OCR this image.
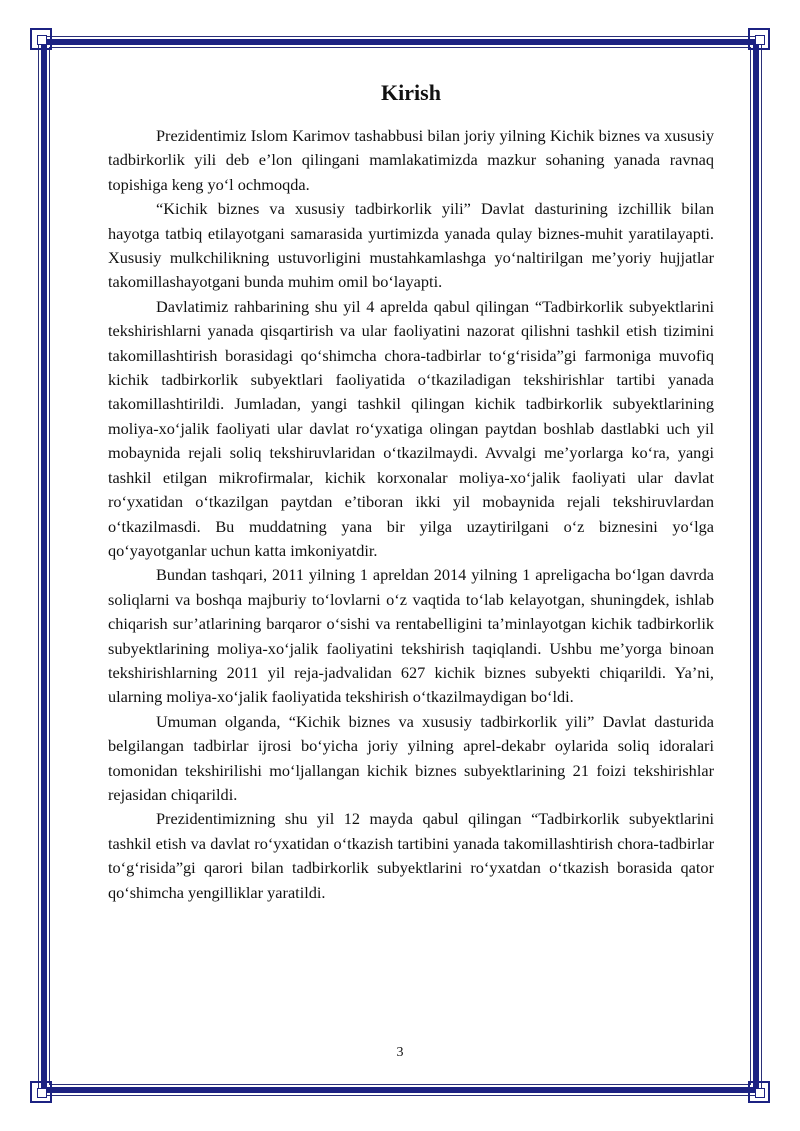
Kirish

Prezidentimiz Islom Karimov tashabbusi bilan joriy yilning Kichik biznes va xususiy tadbirkorlik yili deb e’lon qilingani mamlakatimizda mazkur sohaning yanada ravnaq topishiga keng yo‘l ochmoqda.

“Kichik biznes va xususiy tadbirkorlik yili” Davlat dasturining izchillik bilan hayotga tatbiq etilayotgani samarasida yurtimizda yanada qulay biznes-muhit yaratilayapti. Xususiy mulkchilikning ustuvorligini mustahkamlashga yo‘naltirilgan me’yoriy hujjatlar takomillashayotgani bunda muhim omil bo‘layapti.

Davlatimiz rahbarining shu yil 4 aprelda qabul qilingan “Tadbirkorlik subyektlarini tekshirishlarni yanada qisqartirish va ular faoliyatini nazorat qilishni tashkil etish tizimini takomillashtirish borasidagi qo‘shimcha chora-tadbirlar to‘g‘risida”gi farmoniga muvofiq kichik tadbirkorlik subyektlari faoliyatida o‘tkaziladigan tekshirishlar tartibi yanada takomillashtirildi. Jumladan, yangi tashkil qilingan kichik tadbirkorlik subyektlarining moliya-xo‘jalik faoliyati ular davlat ro‘yxatiga olingan paytdan boshlab dastlabki uch yil mobaynida rejali soliq tekshiruvlaridan o‘tkazilmaydi. Avvalgi me’yorlarga ko‘ra, yangi tashkil etilgan mikrofirmalar, kichik korxonalar moliya-xo‘jalik faoliyati ular davlat ro‘yxatidan o‘tkazilgan paytdan e’tiboran ikki yil mobaynida rejali tekshiruvlardan o‘tkazilmasdi. Bu muddatning yana bir yilga uzaytirilgani o‘z biznesini yo‘lga qo‘yayotganlar uchun katta imkoniyatdir.

Bundan tashqari, 2011 yilning 1 apreldan 2014 yilning 1 apreligacha bo‘lgan davrda soliqlarni va boshqa majburiy to‘lovlarni o‘z vaqtida to‘lab kelayotgan, shuningdek, ishlab chiqarish sur’atlarining barqaror o‘sishi va rentabelligini ta’minlayotgan kichik tadbirkorlik subyektlarining moliya-xo‘jalik faoliyatini tekshirish taqiqlandi. Ushbu me’yorga binoan tekshirishlarning 2011 yil reja-jadvalidan 627 kichik biznes subyekti chiqarildi. Ya’ni, ularning moliya-xo‘jalik faoliyatida tekshirish o‘tkazilmaydigan bo‘ldi.

Umuman olganda, “Kichik biznes va xususiy tadbirkorlik yili” Davlat dasturida belgilangan tadbirlar ijrosi bo‘yicha joriy yilning aprel-dekabr oylarida soliq idoralari tomonidan tekshirilishi mo‘ljallangan kichik biznes subyektlarining 21 foizi tekshirishlar rejasidan chiqarildi.

Prezidentimizning shu yil 12 mayda qabul qilingan “Tadbirkorlik subyektlarini tashkil etish va davlat ro‘yxatidan o‘tkazish tartibini yanada takomillashtirish chora-tadbirlar to‘g‘risida”gi qarori bilan tadbirkorlik subyektlarini ro‘yxatdan o‘tkazish borasida qator qo‘shimcha yengilliklar yaratildi.

3
